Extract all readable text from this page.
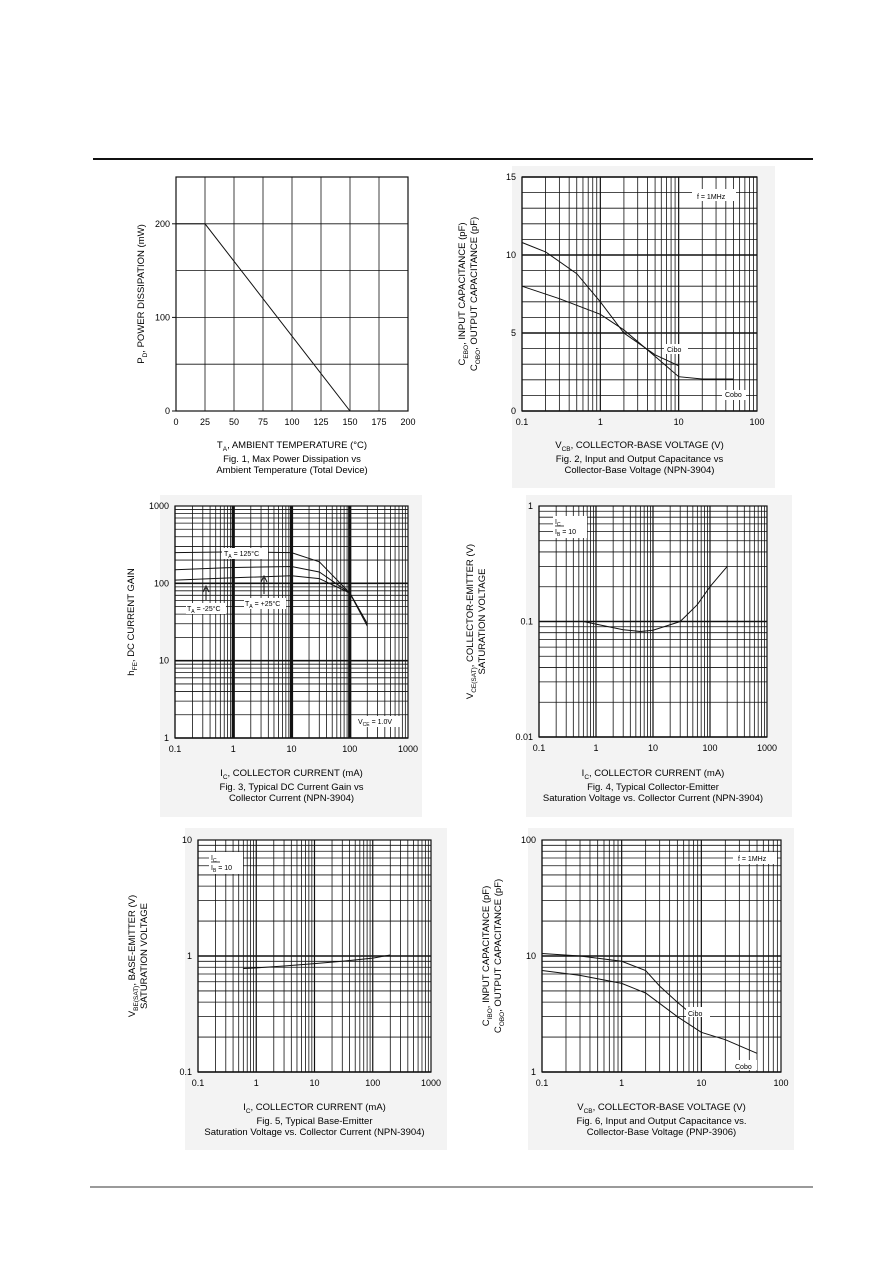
0 25 50 75 100 125 150 175 200
0
100
200
$T_A$, AMBIENT TEMPERATURE (°C)
$P_D$, POWER DISSIPATION (mW)
Fig. 1, Max Power Dissipation vs
Ambient Temperature (Total Device)
0.1	1	10	100
0
5
10
15
$V_{CB}$, COLLECTOR-BASE VOLTAGE (V)
$C_{EBO}$, INPUT CAPACITANCE (pF)
$C_{OBO}$, OUTPUT CAPACITANCE (pF)
Fig. 2, Input and Output Capacitance vs
Collector-Base Voltage (NPN-3904)
0.1	1	10	100	1000
1
10
100
1000
$I_C$, COLLECTOR CURRENT (mA)
$h_{FE}$, DC CURRENT GAIN
Fig. 3, Typical DC Current Gain vs
Collector Current (NPN-3904)
0.1	1	10	100	1000
0.01
0.1
1
$I_C$, COLLECTOR CURRENT (mA)
$V_{CE(SAT)}$, COLLECTOR-EMITTER (V) SATURATION VOLTAGE
Fig. 4, Typical Collector-Emitter
Saturation Voltage vs. Collector Current (NPN-3904)
0.1	1	10	100	1000
0.1
1
10
$I_C$, COLLECTOR CURRENT (mA)
$V_{BE(SAT)}$, BASE-EMITTER (V) SATURATION VOLTAGE
Fig. 5, Typical Base-Emitter
Saturation Voltage vs. Collector Current (NPN-3904)
0.1	1	10	100
1
10
100
$V_{CB}$, COLLECTOR-BASE VOLTAGE (V)
$C_{IBO}$, INPUT CAPACITANCE (pF)
$C_{OBO}$, OUTPUT CAPACITANCE (pF)
Fig. 6, Input and Output Capacitance vs.
Collector-Base Voltage (PNP-3906)
f = 1MHz
Cibo
Cobo
f = 1MHz
Cibo
Cobo
$T_A = 125^\circ C$
$T_A = +25^\circ C$
$T_A = -25^\circ C$
$V_{CE} = 1.0V$
$I_C$
$I_B = 10$
$I_C$
$I_B = 10$
